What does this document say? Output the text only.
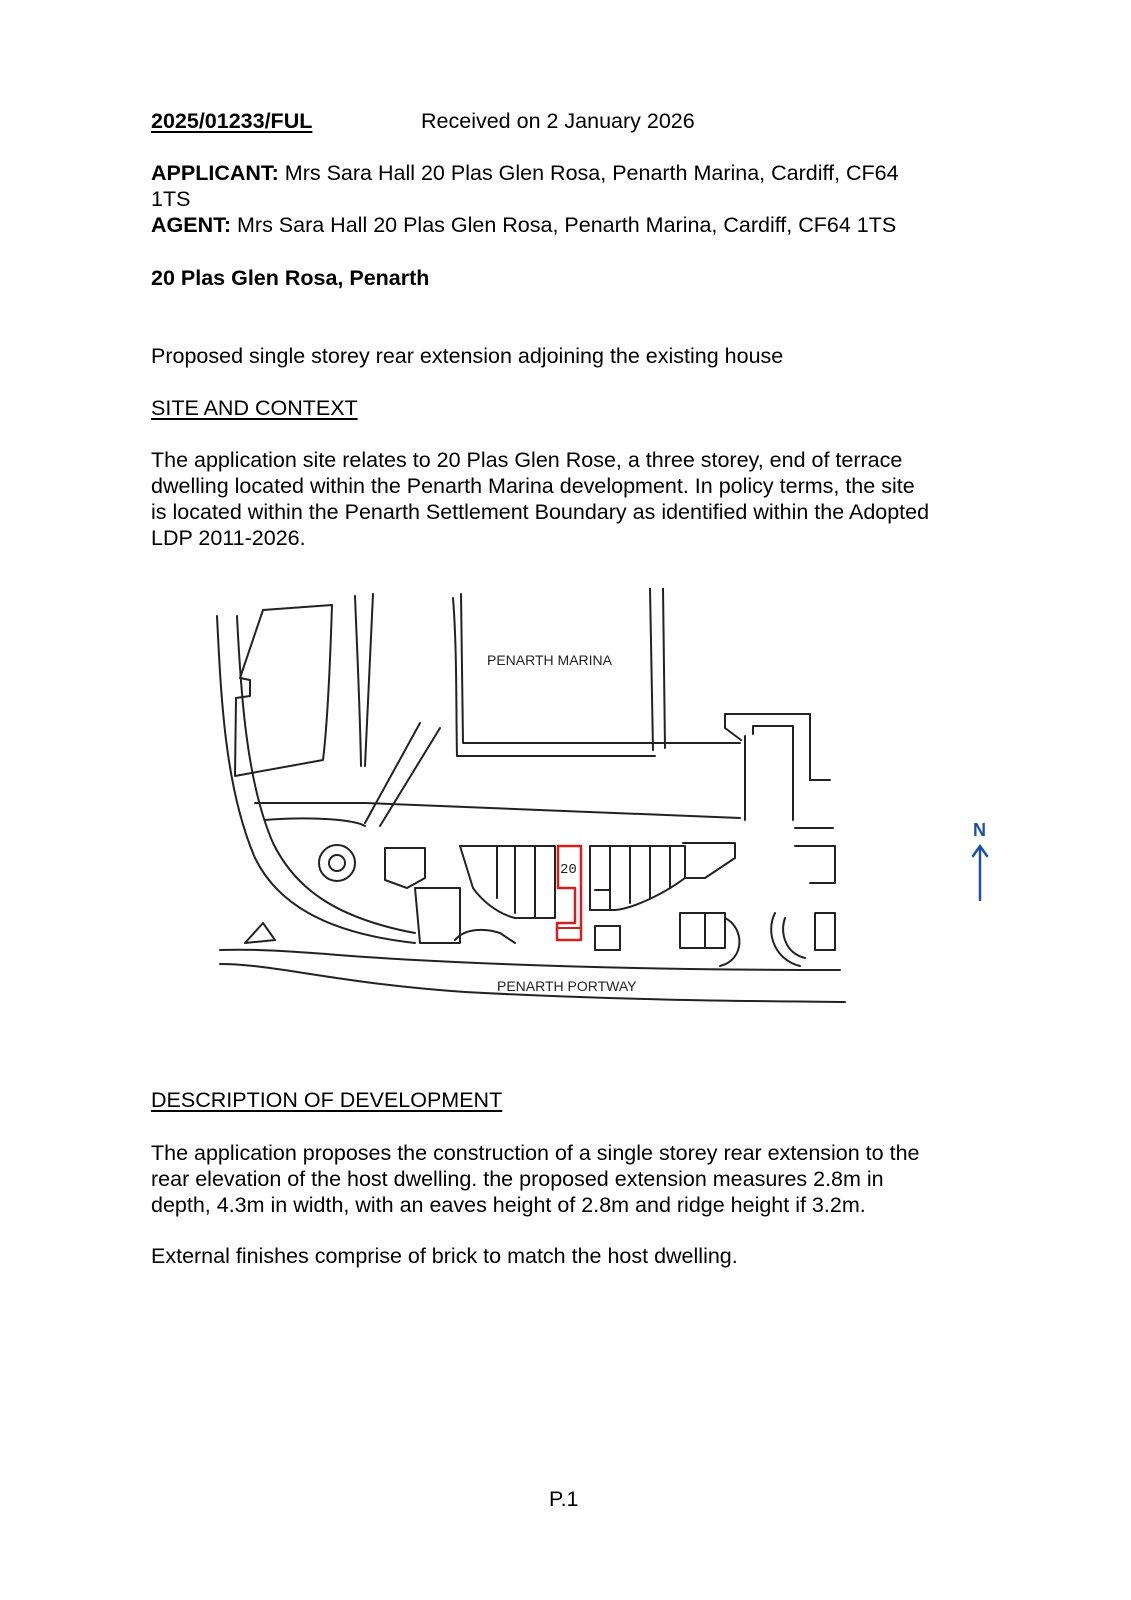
2025/01233/FUL	Received on 2 January 2026
APPLICANT: Mrs Sara Hall 20 Plas Glen Rosa, Penarth Marina, Cardiff, CF64
1TS
AGENT: Mrs Sara Hall 20 Plas Glen Rosa, Penarth Marina, Cardiff, CF64 1TS
20 Plas Glen Rosa, Penarth
Proposed single storey rear extension adjoining the existing house
SITE AND CONTEXT
The application site relates to 20 Plas Glen Rose, a three storey, end of terrace
dwelling located within the Penarth Marina development. In policy terms, the site
is located within the Penarth Settlement Boundary as identified within the Adopted
LDP 2011-2026.
PENARTH MARINA
PENARTH PORTWAY
20
N
DESCRIPTION OF DEVELOPMENT
The application proposes the construction of a single storey rear extension to the
rear elevation of the host dwelling. the proposed extension measures 2.8m in
depth, 4.3m in width, with an eaves height of 2.8m and ridge height if 3.2m.
External finishes comprise of brick to match the host dwelling.
P.1
